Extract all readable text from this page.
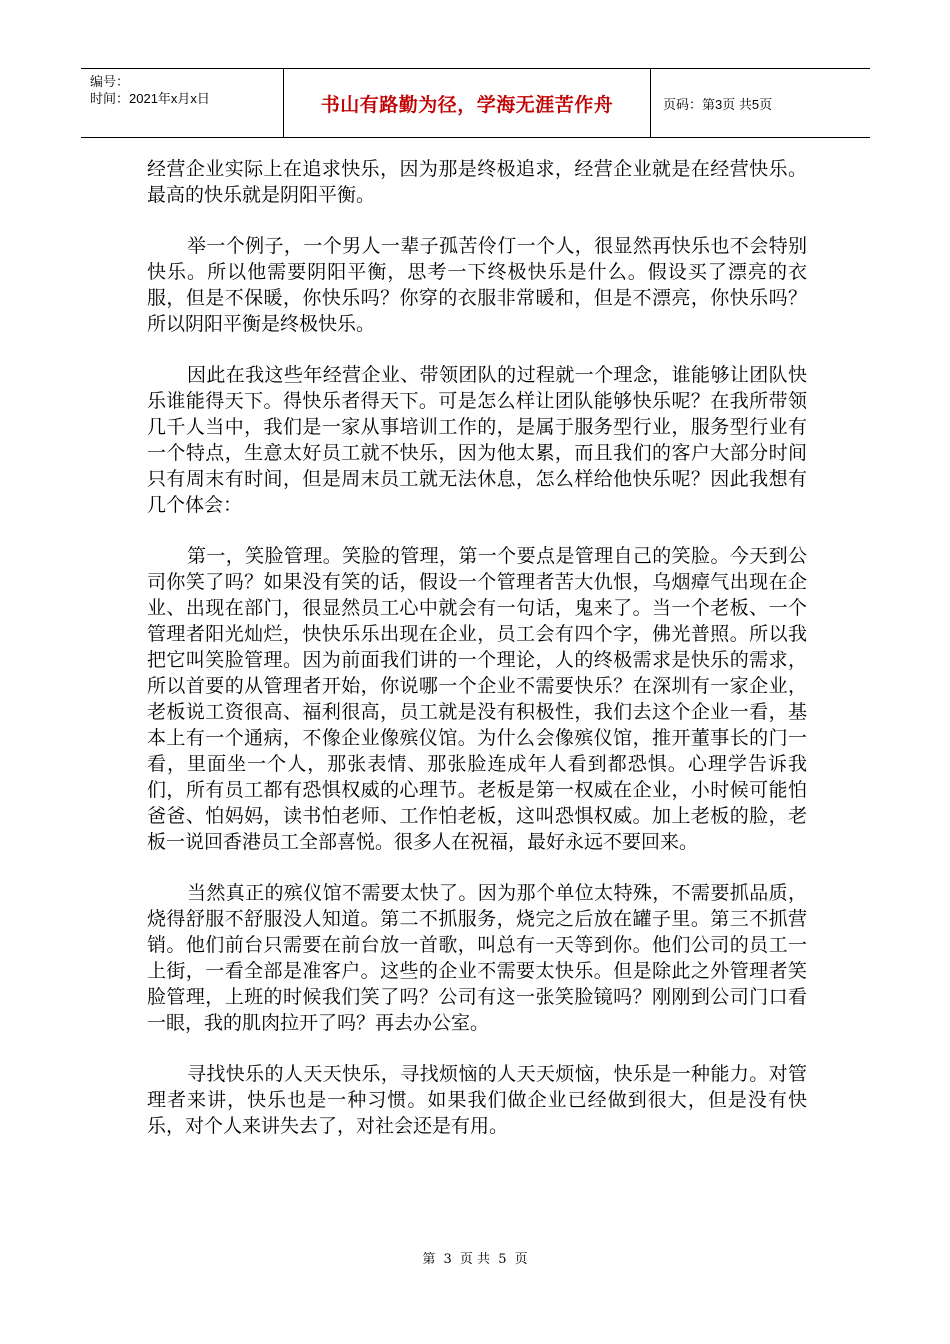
编号：
时间：2021年x月x日	书山有路勤为径，学海无涯苦作舟	页码：第3页 共5页

经营企业实际上在追求快乐，因为那是终极追求，经营企业就是在经营快乐。最高的快乐就是阴阳平衡。

举一个例子，一个男人一辈子孤苦伶仃一个人，很显然再快乐也不会特别快乐。所以他需要阴阳平衡，思考一下终极快乐是什么。假设买了漂亮的衣服，但是不保暖，你快乐吗？你穿的衣服非常暖和，但是不漂亮，你快乐吗？所以阴阳平衡是终极快乐。

因此在我这些年经营企业、带领团队的过程就一个理念，谁能够让团队快乐谁能得天下。得快乐者得天下。可是怎么样让团队能够快乐呢？在我所带领几千人当中，我们是一家从事培训工作的，是属于服务型行业，服务型行业有一个特点，生意太好员工就不快乐，因为他太累，而且我们的客户大部分时间只有周末有时间，但是周末员工就无法休息，怎么样给他快乐呢？因此我想有几个体会：

第一，笑脸管理。笑脸的管理，第一个要点是管理自己的笑脸。今天到公司你笑了吗？如果没有笑的话，假设一个管理者苦大仇恨，乌烟瘴气出现在企业、出现在部门，很显然员工心中就会有一句话，鬼来了。当一个老板、一个管理者阳光灿烂，快快乐乐出现在企业，员工会有四个字，佛光普照。所以我把它叫笑脸管理。因为前面我们讲的一个理论，人的终极需求是快乐的需求，所以首要的从管理者开始，你说哪一个企业不需要快乐？在深圳有一家企业，老板说工资很高、福利很高，员工就是没有积极性，我们去这个企业一看，基本上有一个通病，不像企业像殡仪馆。为什么会像殡仪馆，推开董事长的门一看，里面坐一个人，那张表情、那张脸连成年人看到都恐惧。心理学告诉我们，所有员工都有恐惧权威的心理节。老板是第一权威在企业，小时候可能怕爸爸、怕妈妈，读书怕老师、工作怕老板，这叫恐惧权威。加上老板的脸，老板一说回香港员工全部喜悦。很多人在祝福，最好永远不要回来。

当然真正的殡仪馆不需要太快了。因为那个单位太特殊，不需要抓品质，烧得舒服不舒服没人知道。第二不抓服务，烧完之后放在罐子里。第三不抓营销。他们前台只需要在前台放一首歌，叫总有一天等到你。他们公司的员工一上街，一看全部是准客户。这些的企业不需要太快乐。但是除此之外管理者笑脸管理，上班的时候我们笑了吗？公司有这一张笑脸镜吗？刚刚到公司门口看一眼，我的肌肉拉开了吗？再去办公室。

寻找快乐的人天天快乐，寻找烦恼的人天天烦恼，快乐是一种能力。对管理者来讲，快乐也是一种习惯。如果我们做企业已经做到很大，但是没有快乐，对个人来讲失去了，对社会还是有用。

第 3 页 共 5 页
